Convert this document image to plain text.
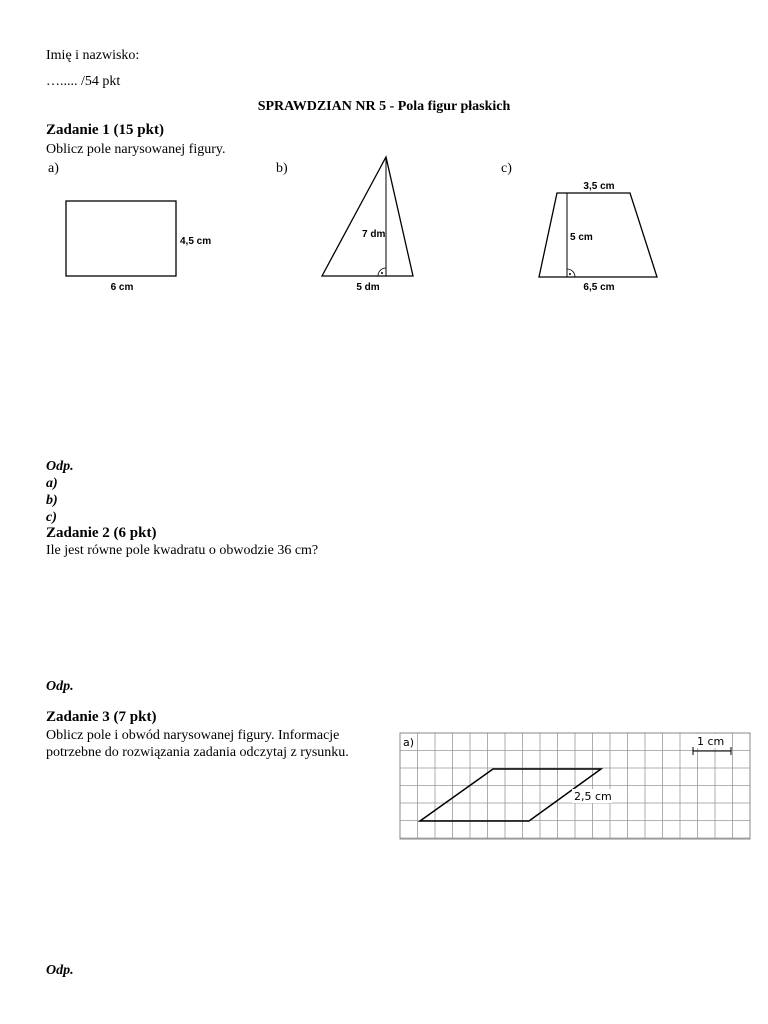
Imię i nazwisko:
…..... /54 pkt
SPRAWDZIAN NR 5 - Pola figur płaskich
Zadanie 1 (15 pkt)
Oblicz pole narysowanej figury.
a)	b)	c)
4,5 cm
6 cm
7 dm
5 dm
3,5 cm
5 cm
6,5 cm
Odp.
a)
b)
c)
Zadanie 2 (6 pkt)
Ile jest równe pole kwadratu o obwodzie 36 cm?
Odp.
Zadanie 3 (7 pkt)
Oblicz pole i obwód narysowanej figury. Informacje
potrzebne do rozwiązania zadania odczytaj z rysunku.
a)	1 cm
2,5 cm
Odp.
